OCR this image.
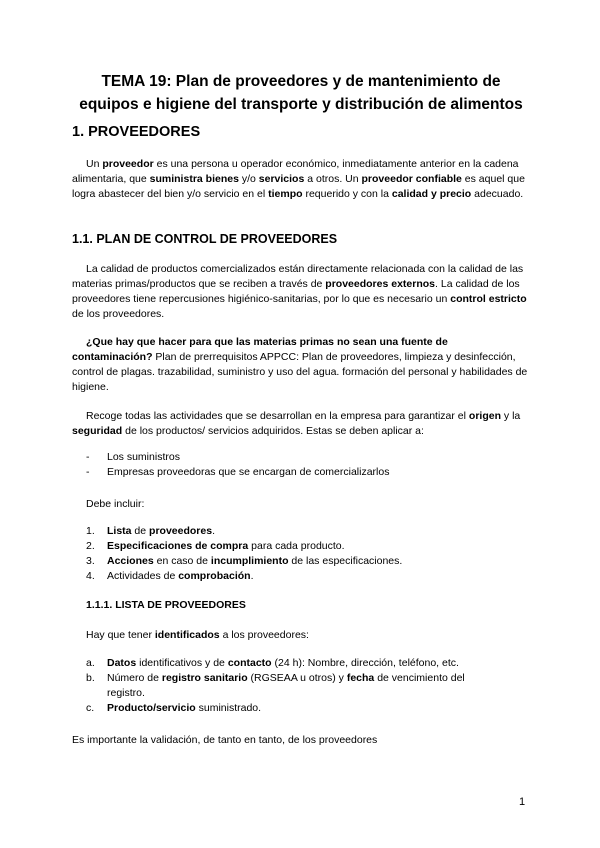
TEMA 19: Plan de proveedores y de mantenimiento de
equipos e higiene del transporte y distribución de alimentos
1. PROVEEDORES
Un proveedor es una persona u operador económico, inmediatamente anterior en la cadena alimentaria, que suministra bienes y/o servicios a otros. Un proveedor confiable es aquel que logra abastecer del bien y/o servicio en el tiempo requerido y con la calidad y precio adecuado.
1.1. PLAN DE CONTROL DE PROVEEDORES
La calidad de productos comercializados están directamente relacionada con la calidad de las materias primas/productos que se reciben a través de proveedores externos. La calidad de los proveedores tiene repercusiones higiénico-sanitarias, por lo que es necesario un control estricto de los proveedores.
¿Que hay que hacer para que las materias primas no sean una fuente de contaminación? Plan de prerrequisitos APPCC: Plan de proveedores, limpieza y desinfección, control de plagas. trazabilidad, suministro y uso del agua. formación del personal y habilidades de higiene.
Recoge todas las actividades que se desarrollan en la empresa para garantizar el origen y la seguridad de los productos/ servicios adquiridos. Estas se deben aplicar a:
- Los suministros
- Empresas proveedoras que se encargan de comercializarlos
Debe incluir:
1. Lista de proveedores.
2. Especificaciones de compra para cada producto.
3. Acciones en caso de incumplimiento de las especificaciones.
4. Actividades de comprobación.
1.1.1. LISTA DE PROVEEDORES
Hay que tener identificados a los proveedores:
a. Datos identificativos y de contacto (24 h): Nombre, dirección, teléfono, etc.
b. Número de registro sanitario (RGSEAA u otros) y fecha de vencimiento del registro.
c. Producto/servicio suministrado.
Es importante la validación, de tanto en tanto, de los proveedores
1
